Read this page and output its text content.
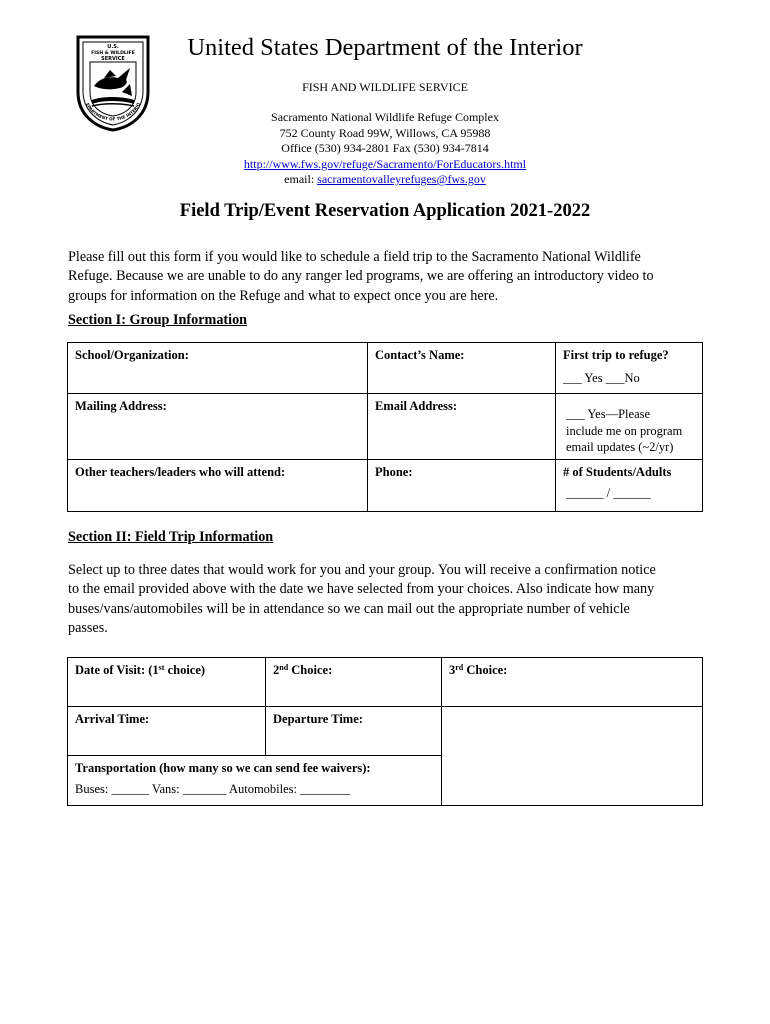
U.S.
FISH & WILDLIFE
SERVICE
EPARTMENT OF THE INTERIO
United States Department of the Interior
FISH AND WILDLIFE SERVICE
Sacramento National Wildlife Refuge Complex
752 County Road 99W, Willows, CA 95988
Office (530) 934-2801 Fax (530) 934-7814
http://www.fws.gov/refuge/Sacramento/ForEducators.html
email: sacramentovalleyrefuges@fws.gov
Field Trip/Event Reservation Application 2021-2022
Please fill out this form if you would like to schedule a field trip to the Sacramento National Wildlife
Refuge. Because we are unable to do any ranger led programs, we are offering an introductory video to
groups for information on the Refuge and what to expect once you are here.
Section I: Group Information
School/Organization:	Contact’s Name:	First trip to refuge?
___ Yes ___No

Mailing Address:	Email Address:	___ Yes—Please
include me on program
email updates (~2/yr)

Other teachers/leaders who will attend:	Phone:	# of Students/Adults
______ / ______
Section II: Field Trip Information
Select up to three dates that would work for you and your group. You will receive a confirmation notice
to the email provided above with the date we have selected from your choices. Also indicate how many
buses/vans/automobiles will be in attendance so we can mail out the appropriate number of vehicle
passes.
Date of Visit: (1st choice)	2nd Choice:	3rd Choice:

Arrival Time:	Departure Time:	

Transportation (how many so we can send fee waivers):
Buses: ______ Vans: _______ Automobiles: ________		
